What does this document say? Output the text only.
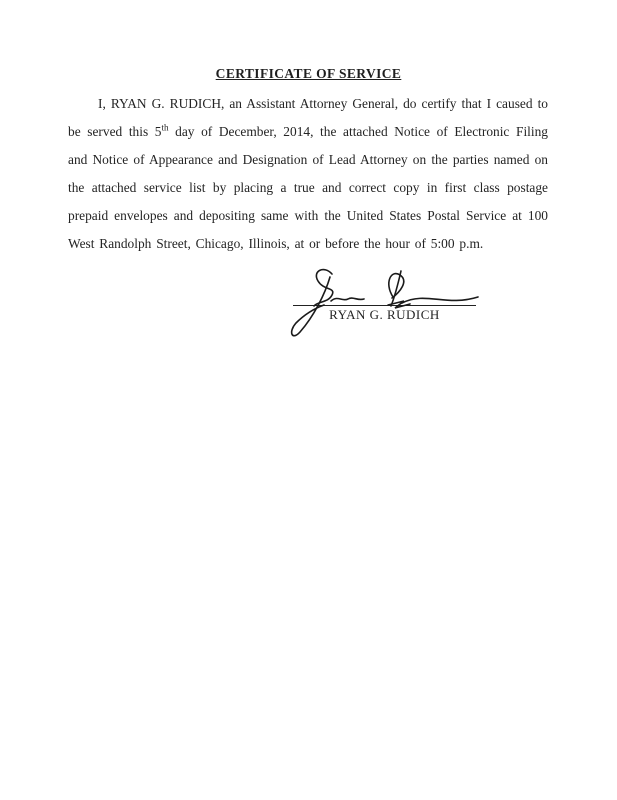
CERTIFICATE OF SERVICE

I, RYAN G. RUDICH, an Assistant Attorney General, do certify that I caused to be served this 5th day of December, 2014, the attached Notice of Electronic Filing and Notice of Appearance and Designation of Lead Attorney on the parties named on the attached service list by placing a true and correct copy in first class postage prepaid envelopes and depositing same with the United States Postal Service at 100 West Randolph Street, Chicago, Illinois, at or before the hour of 5:00 p.m.

RYAN G. RUDICH
